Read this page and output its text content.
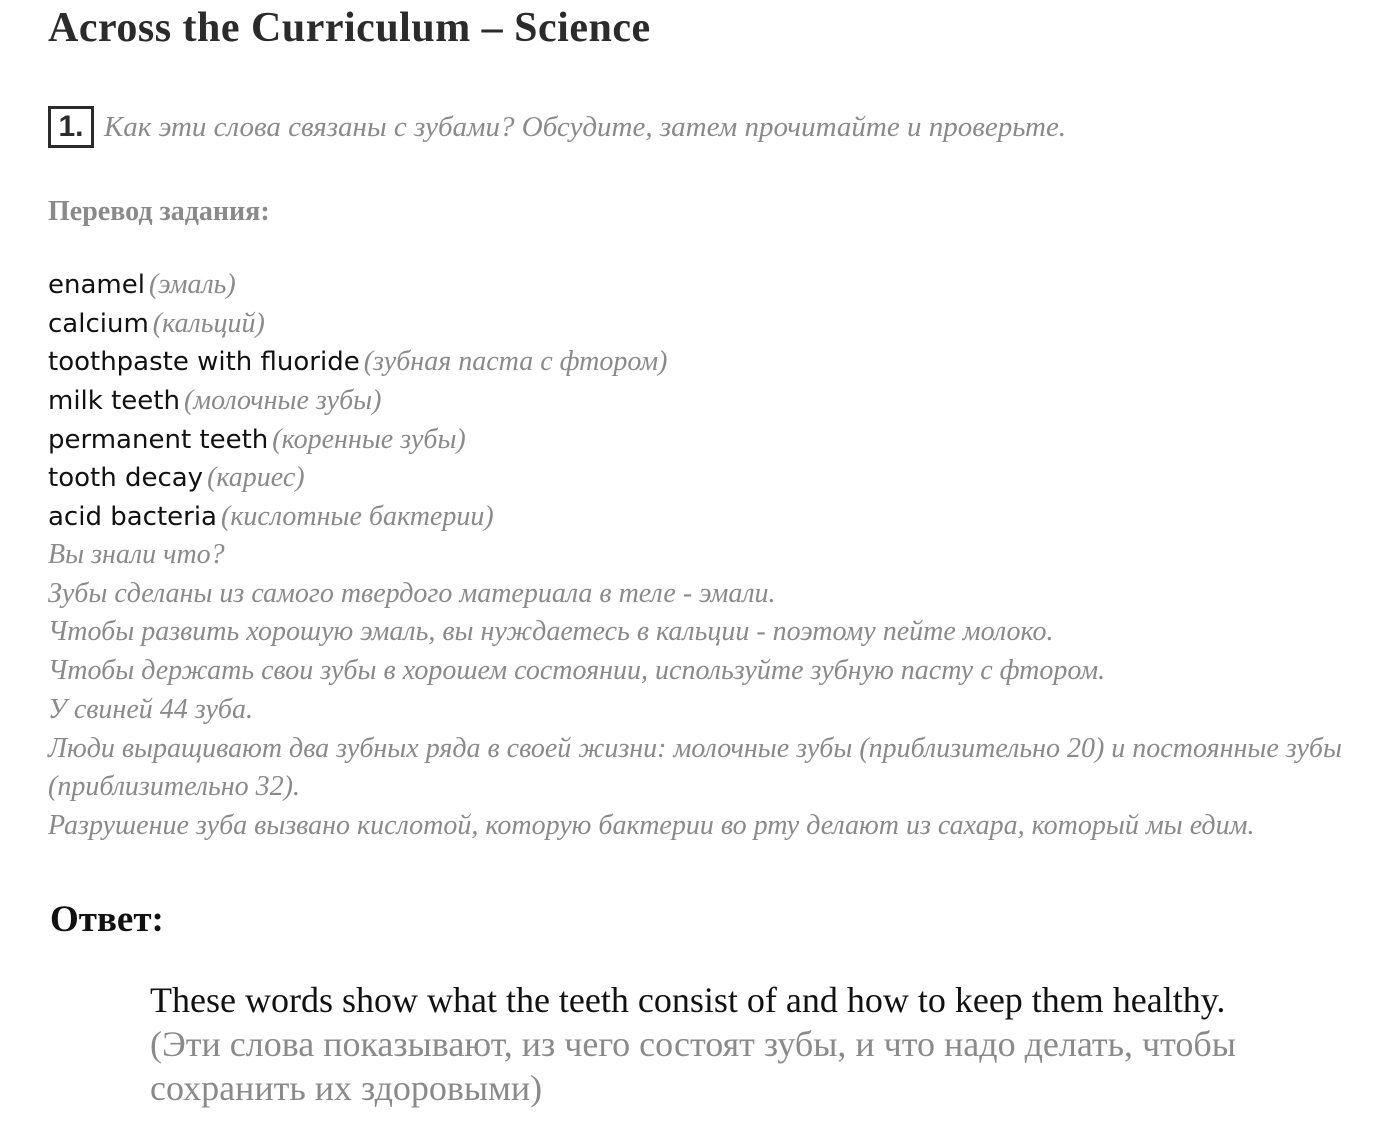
Across the Curriculum – Science
1. Как эти слова связаны с зубами? Обсудите, затем прочитайте и проверьте.
Перевод задания:
enamel (эмаль)
calcium (кальций)
toothpaste with fluoride (зубная паста с фтором)
milk teeth (молочные зубы)
permanent teeth (коренные зубы)
tooth decay (кариес)
acid bacteria (кислотные бактерии)
Вы знали что?
Зубы сделаны из самого твердого материала в теле - эмали.
Чтобы развить хорошую эмаль, вы нуждаетесь в кальции - поэтому пейте молоко.
Чтобы держать свои зубы в хорошем состоянии, используйте зубную пасту с фтором.
У свиней 44 зуба.
Люди выращивают два зубных ряда в своей жизни: молочные зубы (приблизительно 20) и постоянные зубы (приблизительно 32).
Разрушение зуба вызвано кислотой, которую бактерии во рту делают из сахара, который мы едим.
Ответ:
These words show what the teeth consist of and how to keep them healthy.
(Эти слова показывают, из чего состоят зубы, и что надо делать, чтобы сохранить их здоровыми)
